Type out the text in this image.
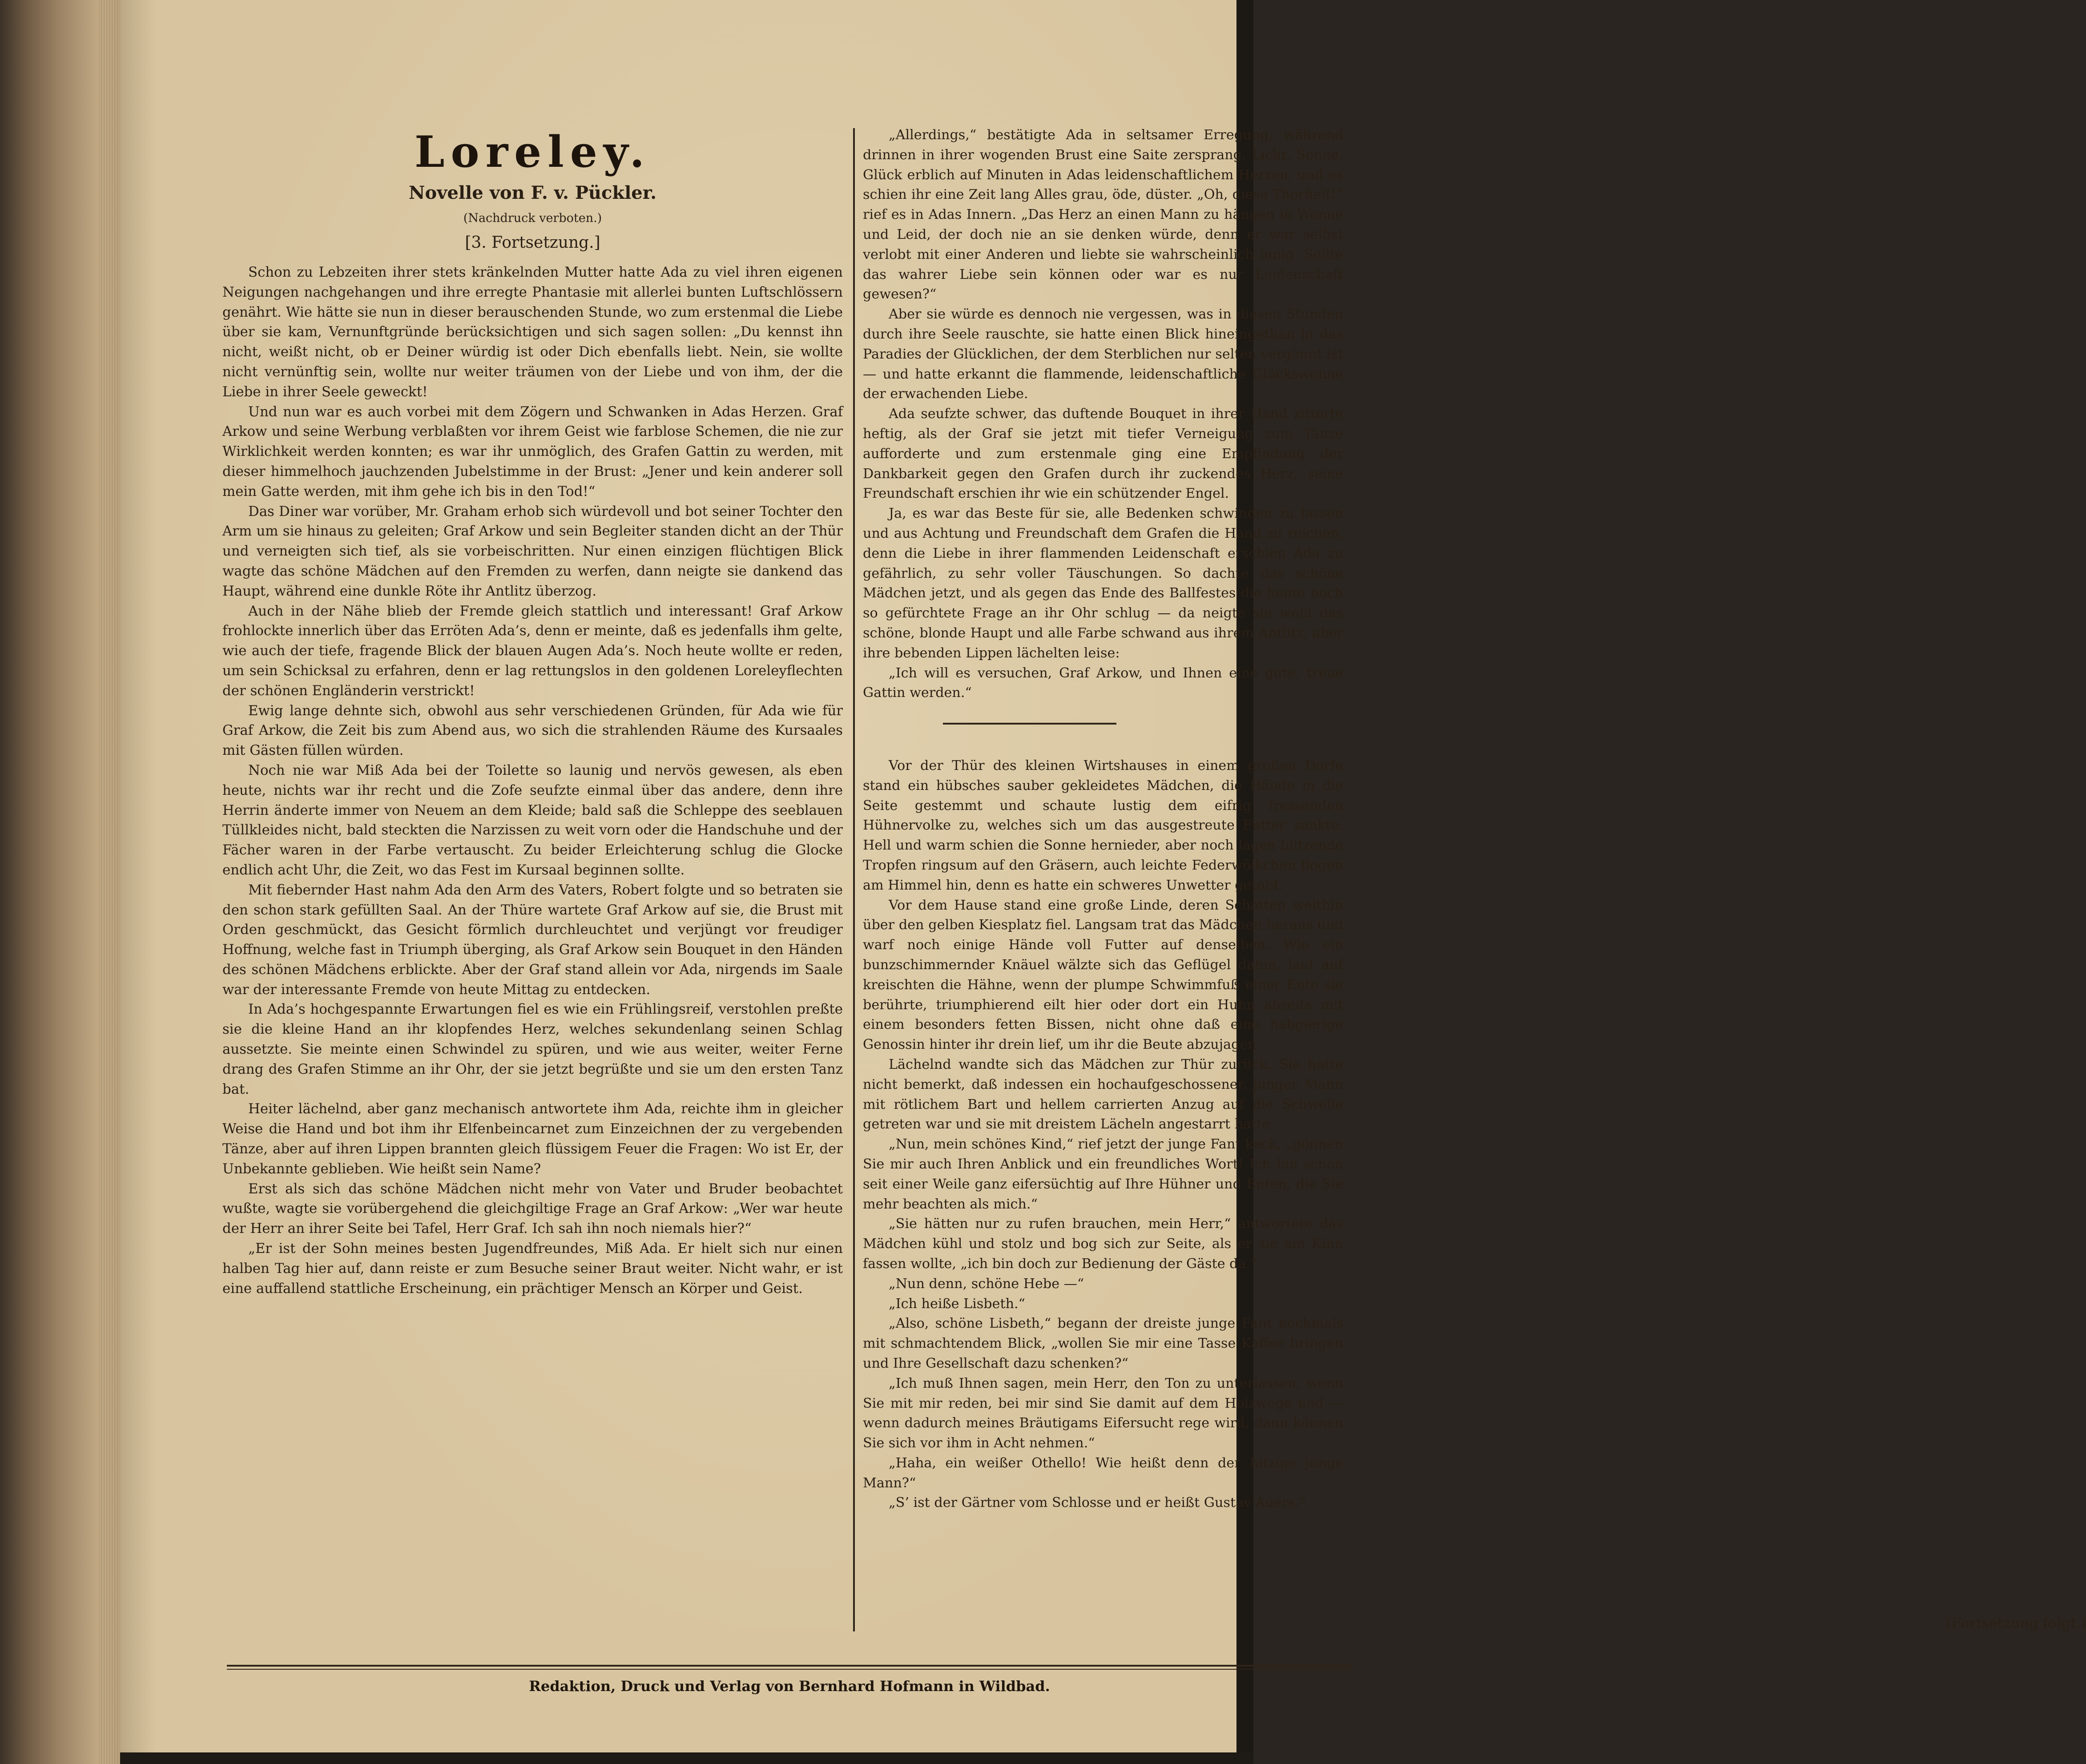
Loreley.
Novelle von F. v. Pückler.
(Nachdruck verboten.)
[3. Fortsetzung.]

Schon zu Lebzeiten ihrer stets kränkelnden Mutter hatte Ada zu viel ihren eigenen Neigungen nachgehangen und ihre erregte Phantasie mit allerlei bunten Luftschlössern genährt. Wie hätte sie nun in dieser berauschenden Stunde, wo zum erstenmal die Liebe über sie kam, Vernunftgründe berücksichtigen und sich sagen sollen: „Du kennst ihn nicht, weißt nicht, ob er Deiner würdig ist oder Dich ebenfalls liebt. Nein, sie wollte nicht vernünftig sein, wollte nur weiter träumen von der Liebe und von ihm, der die Liebe in ihrer Seele geweckt!

Und nun war es auch vorbei mit dem Zögern und Schwanken in Adas Herzen. Graf Arkow und seine Werbung verblaßten vor ihrem Geist wie farblose Schemen, die nie zur Wirklichkeit werden konnten; es war ihr unmöglich, des Grafen Gattin zu werden, mit dieser himmelhoch jauchzenden Jubelstimme in der Brust: „Jener und kein anderer soll mein Gatte werden, mit ihm gehe ich bis in den Tod!“

Das Diner war vorüber, Mr. Graham erhob sich würdevoll und bot seiner Tochter den Arm um sie hinaus zu geleiten; Graf Arkow und sein Begleiter standen dicht an der Thür und verneigten sich tief, als sie vorbeischritten. Nur einen einzigen flüchtigen Blick wagte das schöne Mädchen auf den Fremden zu werfen, dann neigte sie dankend das Haupt, während eine dunkle Röte ihr Antlitz überzog.

Auch in der Nähe blieb der Fremde gleich stattlich und interessant! Graf Arkow frohlockte innerlich über das Erröten Ada’s, denn er meinte, daß es jedenfalls ihm gelte, wie auch der tiefe, fragende Blick der blauen Augen Ada’s. Noch heute wollte er reden, um sein Schicksal zu erfahren, denn er lag rettungslos in den goldenen Loreleyflechten der schönen Engländerin verstrickt!

Ewig lange dehnte sich, obwohl aus sehr verschiedenen Gründen, für Ada wie für Graf Arkow, die Zeit bis zum Abend aus, wo sich die strahlenden Räume des Kursaales mit Gästen füllen würden.

Noch nie war Miß Ada bei der Toilette so launig und nervös gewesen, als eben heute, nichts war ihr recht und die Zofe seufzte einmal über das andere, denn ihre Herrin änderte immer von Neuem an dem Kleide; bald saß die Schleppe des seeblauen Tüllkleides nicht, bald steckten die Narzissen zu weit vorn oder die Handschuhe und der Fächer waren in der Farbe vertauscht. Zu beider Erleichterung schlug die Glocke endlich acht Uhr, die Zeit, wo das Fest im Kursaal beginnen sollte.

Mit fiebernder Hast nahm Ada den Arm des Vaters, Robert folgte und so betraten sie den schon stark gefüllten Saal. An der Thüre wartete Graf Arkow auf sie, die Brust mit Orden geschmückt, das Gesicht förmlich durchleuchtet und verjüngt vor freudiger Hoffnung, welche fast in Triumph überging, als Graf Arkow sein Bouquet in den Händen des schönen Mädchens erblickte. Aber der Graf stand allein vor Ada, nirgends im Saale war der interessante Fremde von heute Mittag zu entdecken.

In Ada’s hochgespannte Erwartungen fiel es wie ein Frühlingsreif, verstohlen preßte sie die kleine Hand an ihr klopfendes Herz, welches sekundenlang seinen Schlag aussetzte. Sie meinte einen Schwindel zu spüren, und wie aus weiter, weiter Ferne drang des Grafen Stimme an ihr Ohr, der sie jetzt begrüßte und sie um den ersten Tanz bat.

Heiter lächelnd, aber ganz mechanisch antwortete ihm Ada, reichte ihm in gleicher Weise die Hand und bot ihm ihr Elfenbeincarnet zum Einzeichnen der zu vergebenden Tänze, aber auf ihren Lippen brannten gleich flüssigem Feuer die Fragen: Wo ist Er, der Unbekannte geblieben. Wie heißt sein Name?

Erst als sich das schöne Mädchen nicht mehr von Vater und Bruder beobachtet wußte, wagte sie vorübergehend die gleichgiltige Frage an Graf Arkow: „Wer war heute der Herr an ihrer Seite bei Tafel, Herr Graf. Ich sah ihn noch niemals hier?“

„Er ist der Sohn meines besten Jugendfreundes, Miß Ada. Er hielt sich nur einen halben Tag hier auf, dann reiste er zum Besuche seiner Braut weiter. Nicht wahr, er ist eine auffallend stattliche Erscheinung, ein prächtiger Mensch an Körper und Geist.

„Allerdings,“ bestätigte Ada in seltsamer Erregung, während drinnen in ihrer wogenden Brust eine Saite zersprang. Licht, Sonne, Glück erblich auf Minuten in Adas leidenschaftlichem Herzen, und es schien ihr eine Zeit lang Alles grau, öde, düster. „Oh, diese Thorheit!“ rief es in Adas Innern. „Das Herz an einen Mann zu hängen in Wonne und Leid, der doch nie an sie denken würde, denn er war selbst verlobt mit einer Anderen und liebte sie wahrscheinlich innig. Sollte das wahrer Liebe sein können oder war es nur Leidenschaft gewesen?“

Aber sie würde es dennoch nie vergessen, was in diesen Stunden durch ihre Seele rauschte, sie hatte einen Blick hineingethan in das Paradies der Glücklichen, der dem Sterblichen nur selten vergönnt ist — und hatte erkannt die flammende, leidenschaftliche Glückswonne der erwachenden Liebe.

Ada seufzte schwer, das duftende Bouquet in ihrer Hand zitterte heftig, als der Graf sie jetzt mit tiefer Verneigung zum Tanze aufforderte und zum erstenmale ging eine Empfindung der Dankbarkeit gegen den Grafen durch ihr zuckendes Herz, seine Freundschaft erschien ihr wie ein schützender Engel.

Ja, es war das Beste für sie, alle Bedenken schwinden zu lassen und aus Achtung und Freundschaft dem Grafen die Hand zu reichen, denn die Liebe in ihrer flammenden Leidenschaft erschien Ada zu gefährlich, zu sehr voller Täuschungen. So dachte das schöne Mädchen jetzt, und als gegen das Ende des Ballfestes die heute noch so gefürchtete Frage an ihr Ohr schlug — da neigte sie wohl das schöne, blonde Haupt und alle Farbe schwand aus ihrem Antlitz, aber ihre bebenden Lippen lächelten leise:

„Ich will es versuchen, Graf Arkow, und Ihnen eine gute, treue Gattin werden.“

Vor der Thür des kleinen Wirtshauses in einem großen Dorfe stand ein hübsches sauber gekleidetes Mädchen, die Hände in die Seite gestemmt und schaute lustig dem eifrig fressenden Hühnervolke zu, welches sich um das ausgestreute Futter zankte. Hell und warm schien die Sonne hernieder, aber noch lagen blitzende Tropfen ringsum auf den Gräsern, auch leichte Federwölkchen flogen am Himmel hin, denn es hatte ein schweres Unwetter getobt.

Vor dem Hause stand eine große Linde, deren Schatten weithin über den gelben Kiesplatz fiel. Langsam trat das Mädchen heraus und warf noch einige Hände voll Futter auf denselben. Wie ein bunzschimmernder Knäuel wälzte sich das Geflügel dahin, laut auf kreischten die Hähne, wenn der plumpe Schwimmfuß einer Ente sie berührte, triumphierend eilt hier oder dort ein Huhn abseits mit einem besonders fetten Bissen, nicht ohne daß eine habgierige Genossin hinter ihr drein lief, um ihr die Beute abzujagen.

Lächelnd wandte sich das Mädchen zur Thür zurück. Sie hatte nicht bemerkt, daß indessen ein hochaufgeschossener, junger Mann mit rötlichem Bart und hellem carrierten Anzug auf die Schwelle getreten war und sie mit dreistem Lächeln angestarrt hatte.

„Nun, mein schönes Kind,“ rief jetzt der junge Fant keck, „gönnen Sie mir auch Ihren Anblick und ein freundliches Wort! Ich bin schon seit einer Weile ganz eifersüchtig auf Ihre Hühner und Enten, die Sie mehr beachten als mich.“

„Sie hätten nur zu rufen brauchen, mein Herr,“ antwortete das Mädchen kühl und stolz und bog sich zur Seite, als er sie am Kinn fassen wollte, „ich bin doch zur Bedienung der Gäste da.“

„Nun denn, schöne Hebe —“

„Ich heiße Lisbeth.“

„Also, schöne Lisbeth,“ begann der dreiste junge Fant nochmals mit schmachtendem Blick, „wollen Sie mir eine Tasse Kaffee bringen und Ihre Gesellschaft dazu schenken?“

„Ich muß Ihnen sagen, mein Herr, den Ton zu unterlassen, wenn Sie mit mir reden, bei mir sind Sie damit auf dem Holzwege und — wenn dadurch meines Bräutigams Eifersucht rege wird, dann können Sie sich vor ihm in Acht nehmen.“

„Haha, ein weißer Othello! Wie heißt denn der hitzige junge Mann?“

„S’ ist der Gärtner vom Schlosse und er heißt Gustav Auers.“

(Fortsetzung folgt.)
Redaktion, Druck und Verlag von Bernhard Hofmann in Wildbad.
